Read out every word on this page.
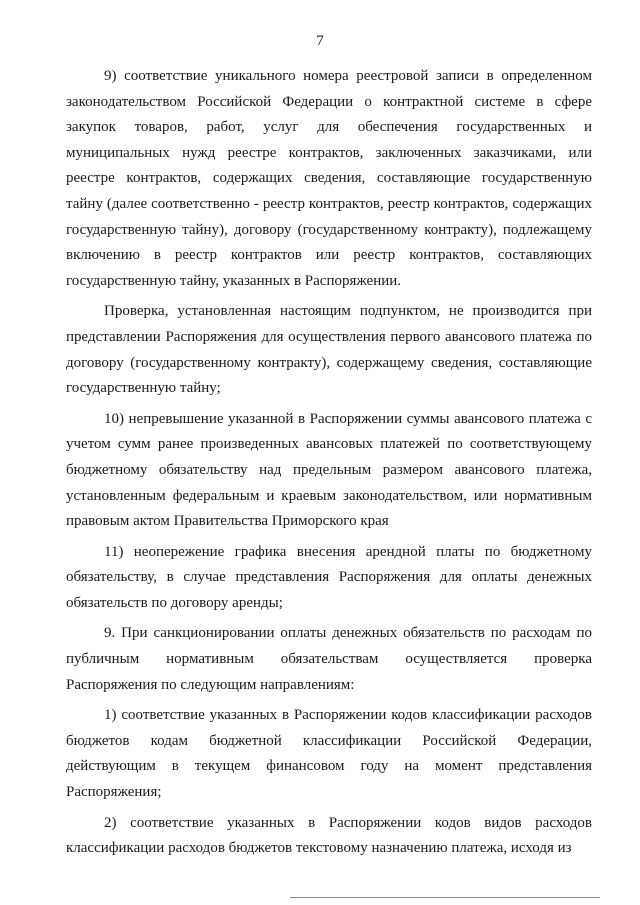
7

9) соответствие уникального номера реестровой записи в определенном законодательством Российской Федерации о контрактной системе в сфере закупок товаров, работ, услуг для обеспечения государственных и муниципальных нужд реестре контрактов, заключенных заказчиками, или реестре контрактов, содержащих сведения, составляющие государственную тайну (далее соответственно - реестр контрактов, реестр контрактов, содержащих государственную тайну), договору (государственному контракту), подлежащему включению в реестр контрактов или реестр контрактов, составляющих государственную тайну, указанных в Распоряжении.

Проверка, установленная настоящим подпунктом, не производится при представлении Распоряжения для осуществления первого авансового платежа по договору (государственному контракту), содержащему сведения, составляющие государственную тайну;

10) непревышение указанной в Распоряжении суммы авансового платежа с учетом сумм ранее произведенных авансовых платежей по соответствующему бюджетному обязательству над предельным размером авансового платежа, установленным федеральным и краевым законодательством, или нормативным правовым актом Правительства Приморского края

11) неопережение графика внесения арендной платы по бюджетному обязательству, в случае представления Распоряжения для оплаты денежных обязательств по договору аренды;

9. При санкционировании оплаты денежных обязательств по расходам по публичным нормативным обязательствам осуществляется проверка Распоряжения по следующим направлениям:

1) соответствие указанных в Распоряжении кодов классификации расходов бюджетов кодам бюджетной классификации Российской Федерации, действующим в текущем финансовом году на момент представления Распоряжения;

2) соответствие указанных в Распоряжении кодов видов расходов классификации расходов бюджетов текстовому назначению платежа, исходя из
